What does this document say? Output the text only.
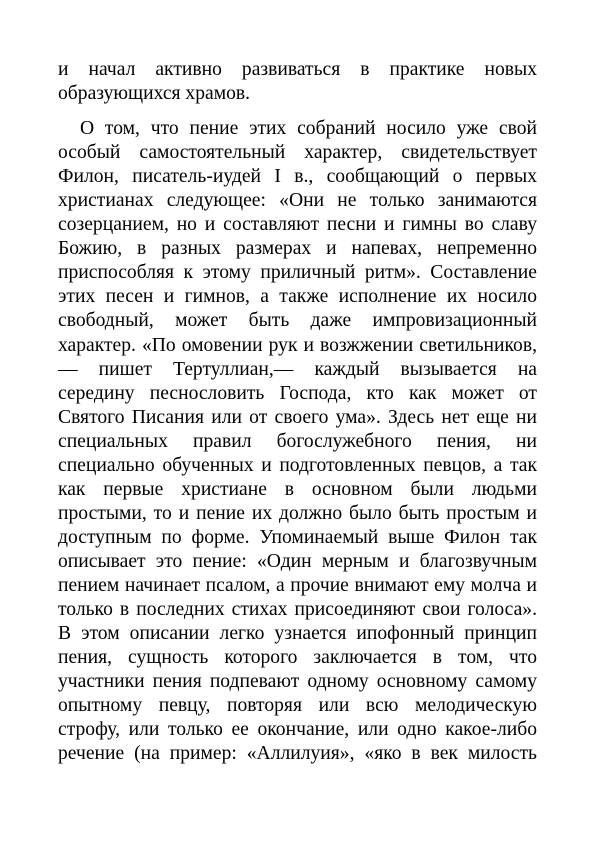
и начал активно развиваться в практике новых
образующихся храмов.
О том, что пение этих собраний носило уже свой
особый самостоятельный характер, свидетельствует
Филон, писатель-иудей I в., сообщающий о первых
христианах следующее: «Они не только занимаются
созерцанием, но и составляют песни и гимны во славу
Божию, в разных размерах и напевах, непременно
приспособляя к этому приличный ритм». Составление
этих песен и гимнов, а также исполнение их носило
свободный, может быть даже импровизационный
характер. «По омовении рук и возжжении светильников,
— пишет Тертуллиан,— каждый вызывается на
середину песнословить Господа, кто как может от
Святого Писания или от своего ума». Здесь нет еще ни
специальных правил богослужебного пения, ни
специально обученных и подготовленных певцов, а так
как первые христиане в основном были людьми
простыми, то и пение их должно было быть простым и
доступным по форме. Упоминаемый выше Филон так
описывает это пение: «Один мерным и благозвучным
пением начинает псалом, а прочие внимают ему молча и
только в последних стихах присоединяют свои голоса».
В этом описании легко узнается ипофонный принцип
пения, сущность которого заключается в том, что
участники пения подпевают одному основному самому
опытному певцу, повторяя или всю мелодическую
строфу, или только ее окончание, или одно какое-либо
речение (на пример: «Аллилуия», «яко в век милость
